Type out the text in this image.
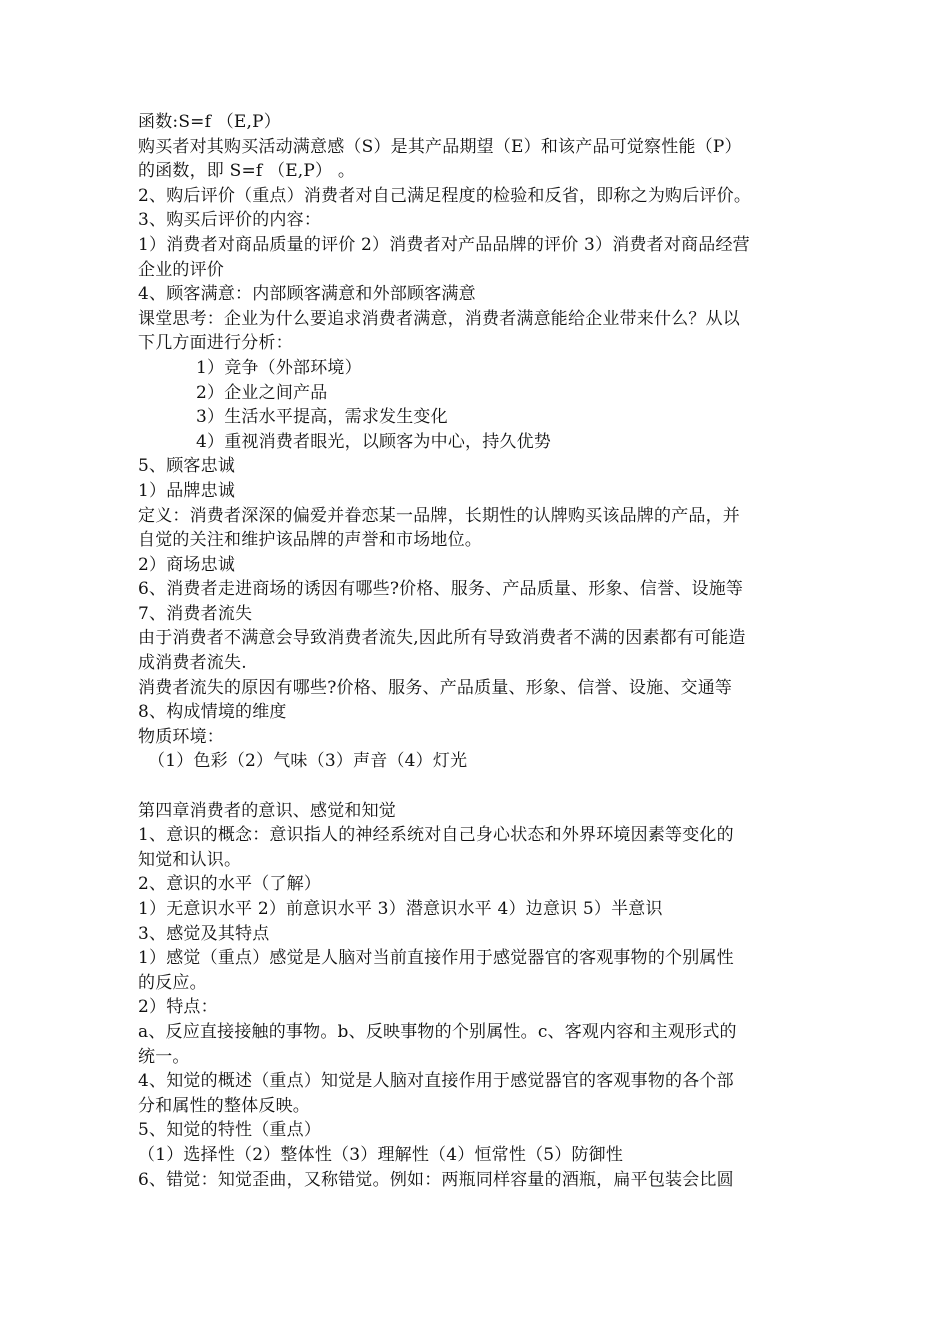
函数:S=f （E,P）
购买者对其购买活动满意感（S）是其产品期望（E）和该产品可觉察性能（P）
的函数，即 S=f （E,P） 。
2、购后评价（重点）消费者对自己满足程度的检验和反省，即称之为购后评价。
3、购买后评价的内容：
1）消费者对商品质量的评价 2）消费者对产品品牌的评价 3）消费者对商品经营
企业的评价
4、顾客满意：内部顾客满意和外部顾客满意
课堂思考：企业为什么要追求消费者满意，消费者满意能给企业带来什么？从以
下几方面进行分析：
1）竞争（外部环境）
2）企业之间产品
3）生活水平提高，需求发生变化
4）重视消费者眼光，以顾客为中心，持久优势
5、顾客忠诚
1）品牌忠诚
定义：消费者深深的偏爱并眷恋某一品牌，长期性的认牌购买该品牌的产品，并
自觉的关注和维护该品牌的声誉和市场地位。
2）商场忠诚
6、消费者走进商场的诱因有哪些?价格、服务、产品质量、形象、信誉、设施等
7、消费者流失
由于消费者不满意会导致消费者流失,因此所有导致消费者不满的因素都有可能造
成消费者流失.
消费者流失的原因有哪些?价格、服务、产品质量、形象、信誉、设施、交通等
8、构成情境的维度
物质环境：
（1）色彩（2）气味（3）声音（4）灯光
第四章消费者的意识、感觉和知觉
1、意识的概念：意识指人的神经系统对自己身心状态和外界环境因素等变化的
知觉和认识。
2、意识的水平（了解）
1）无意识水平 2）前意识水平 3）潜意识水平 4）边意识 5）半意识
3、感觉及其特点
1）感觉（重点）感觉是人脑对当前直接作用于感觉器官的客观事物的个别属性
的反应。
2）特点：
a、反应直接接触的事物。b、反映事物的个别属性。c、客观内容和主观形式的
统一。
4、知觉的概述（重点）知觉是人脑对直接作用于感觉器官的客观事物的各个部
分和属性的整体反映。
5、知觉的特性（重点）
（1）选择性（2）整体性（3）理解性（4）恒常性（5）防御性
6、错觉：知觉歪曲，又称错觉。例如：两瓶同样容量的酒瓶，扁平包装会比圆
